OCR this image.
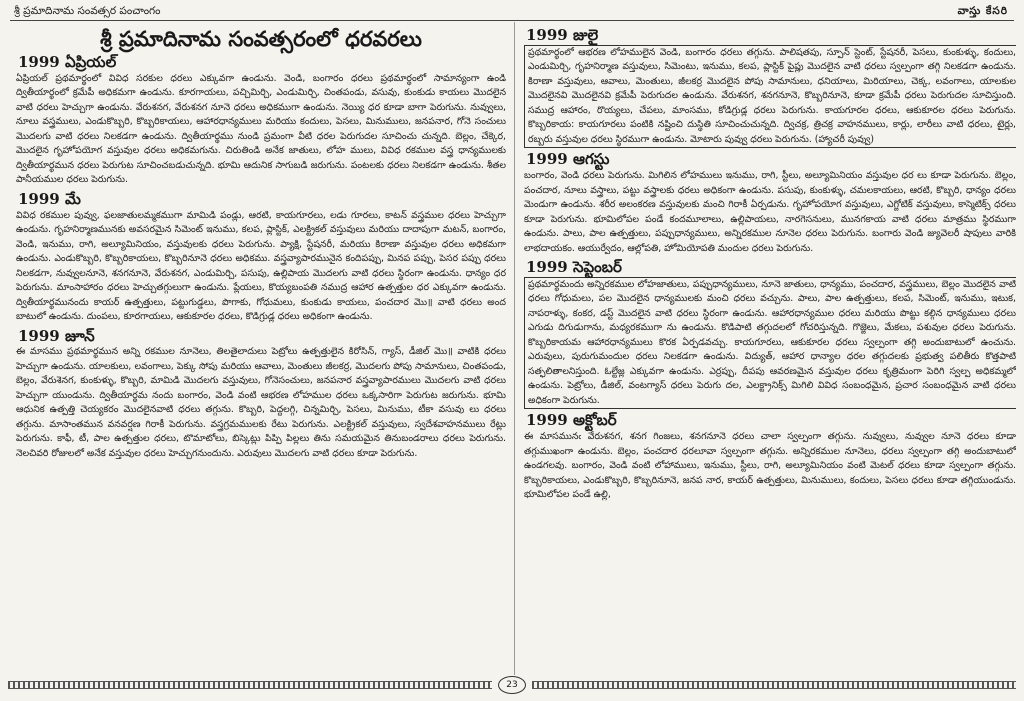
శ్రీ ప్రమాదినామ సంవత్సర పంచాంగం	వాస్తు కేసరి
శ్రీ ప్రమాదినామ సంవత్సరంలో ధరవరలు
1999 ఏప్రియల్

ఏప్రియల్ ప్రథమార్థంలో వివిధ సరకుల ధరలు ఎక్కువగా ఉండును. వెండి, బంగారం ధరలు ప్రథమార్థంలో సామాన్యంగా ఉండి ద్వితీయార్థంలో క్రమేపీ అధికమగా ఉండును. కూరగాయలు, పచ్చిమిర్చి, ఎండుమిర్చి, చింతపండు, వసువు, కుంకుడు కాయలు మొదలైన వాటి ధరలు హెచ్చుగా ఉండును. వేరుశనగ, వేరుశనగ నూనె ధరలు అధికముగా ఉండును. నెయ్యి ధర కూడా బాగా పెరుగును. నువ్వులు, నూలు వస్త్రములు, ఎండుకొబ్బరి, కొబ్బరికాయలు, ఆహారధాన్యములు మరియు కందులు, పెసలు, మినుములు, జనపనార, గోనె సంచులు మొదలగు వాటి ధరలు నిలకడగా ఉండును. ద్వితీయార్థము నుండి ప్రమంగా వీటి ధరల పెరుగుదల సూచించు చున్నది. బెల్లం, చేక్కెర, మొదలైన గృహోపయోగ వస్తువుల ధరలు అధికమగును. చిరుతిండి అనేక జాతులు, లోహ ములు, వివిధ రకముల వస్త్ర ధాన్యములకు ద్వితీయార్థమున ధరలు పెరుగుట సూచించబడుచున్నది. భూమి ఆదునిక సాగుబడి జరుగును. పంటలకు ధరలు నిలకడగా ఉండును. శీతల పానీయముల ధరలు పెరుగును.

1999 మే

వివిధ రకముల పువ్వు, ఫలజాతులమ్మకముగా మామిడి పండ్లు, ఆరటి, కాయగూరలు, లడు గూరలు, కాటన్ వస్త్రముల ధరలు హెచ్చుగా ఉండును. గృహనిర్మాణమునకు అవసరమైన సిమెంట్ ఇనుము, కలప, ప్లాస్టిక్, ఎలక్ట్రికల్ వస్తువులు మరియు దాదాపుగా మటన్, బంగారం, వెండి, ఇనుము, రాగి, అల్యూమినియం, వస్తువులకు ధరలు పెరుగును. ప్యాక్షి, స్టేషనరీ, మరియు కిరాణా వస్తువుల ధరలు అధికమగా ఉండును. ఎండుకొబ్బరి, కొబ్బరికాయలు, కొబ్బరినూనె ధరలు అధికము. వస్త్రవ్యాపారమునైన కందిపప్పు, మినప పప్పు, పెసర పప్పు ధరలు నిలకడగా, నువ్వులనూనె, శనగనూనె, వేరుశనగ, ఎండుమిర్చి, పసుపు, ఉల్లిపాయ మొదలగు వాటి ధరలు స్థిరంగా ఉండును. ధాన్యం ధర పెరుగును. మాంసాహారం ధరలు హెచ్చుతగ్గులుగా ఉండును. ప్లేయలు, కొయ్యబంపతి నముద్ర ఆహార ఉత్పత్తుల ధర ఎక్కువగా ఉండును. ద్వితీయార్థమునందు కాయర్ ఉత్పత్తులు, పట్టుగుడ్డలు, పొగాకు, గోధుమలు, కుంకుడు కాయలు, పంచదార మొ॥ వాటి ధరలు అంద బాటులో ఉండును. దుంపలు, కూరగాయలు, ఆకుకూరల ధరలు, కొడిగ్రుడ్ల ధరలు అధికంగా ఉండును.

1999 జూన్

ఈ మాసము ప్రథమార్థమున అన్ని రకముల నూనెలు, తిలతైలాదులు పెట్రోలు ఉత్పత్తులైన కిరోసిన్, గ్యాస్, డీజిల్ మొ॥ వాటికి ధరలు హెచ్చుగా ఉండును. యాలకులు, లవంగాలు, పెక్కు సోపు మరియు ఆవాలు, మెంతులు జీలకర్ర, మొదలగు పోపు సామానులు, చింతపండు, బెల్లం, వేరుశెనగ, కుంకుళ్ళు, కొబ్బరి, మామిడి మొదలగు వస్తువులు, గోనెసంచులు, జనపనార వస్త్రవ్యాపారములు మొదలగు వాటి ధరలు హెచ్చుగా యుండును. ద్వితీయార్థమ నందు బంగారం, వెండి వంటి ఆభరణ లోహముల ధరలు ఒక్కసారిగా పెరుగుట జరుగును. భూమి ఆధునిక ఉత్పత్తి చెయ్యకరం మొదలైనవాటి ధరలు తగ్గును. కొబ్బరి, పెద్దలగ్గి, చిన్నమిర్చి, పెసలు, మినుము, టీకా వసువు లు ధరలు తగ్గును. మాసాంతమున వనవర్షణ గిరాకీ పెరుగును. వస్త్రగ్రమములకు రేటు పెరుగును. ఎలక్ట్రికల్ వస్తువులు, స్వదేశవాహనములు రేట్లు పెరుగును. కాఫీ, టీ, పాల ఉత్పత్తుల ధరలు, టొమాటోలు, బిస్కెట్లు పిప్పి పిల్లలు తిను సమయమైన తినుబండరాలు ధరలు పెరుగును. నెలచివరి రోజులలో అనేక వస్తువుల ధరలు హెచ్చుగనుందును. ఎరువులు మొదలగు వాటి ధరలు కూడా పెరుగును.

1999 జులై

ప్రథమార్థంలో ఆభరణ లోహములైన వెండి, బంగారం ధరలు తగ్గును. పాలిషతపు, స్పూన్ స్టెంట్, స్టేషనరీ, పెసలు, కుంకుళ్ళు, కందులు, ఎండుమిర్చి, గృహనిర్మాణ వస్తువులు, సిమెంటు, ఇనుము, కలప, ప్లాస్టిక్ పైప్లు మొదలైన వాటి ధరలు స్వల్పంగా తగ్గి నిలకడగా ఉండును. కిరాణా వస్తువులు, ఆవాలు, మెంతులు, జీలకర్ర మొదలైన పోపు సామానులు, ధనియాలు, మిరియాలు, చెక్క, లవంగాలు, యాలకుల మొదలైనవి మొదలైనవి క్రమేపీ పెరుగుదల ఉండును. వేరుశనగ, శనగనూనె, కొబ్బరినూనె, కూడా క్రమేపీ ధరలు పెరుగుదల సూచిస్తుంది. సముద్ర ఆహారం, రొయ్యలు, చేపలు, మాంసము, కోడిగ్రుడ్ల ధరలు పెరుగును. కాయగూరల ధరలు, ఆకుకూరల ధరలు పెరుగును. కొబ్బరికాయ: కాయగూరలు పంటికి నష్టించి దుస్థితి సూచించుచున్నది. ద్విచక్ర, త్రిచక్ర వాహనములు, కార్లు, లారీలు వాటి ధరలు, టైర్లు, రబ్బరు వస్తువుల ధరలు స్థిరముగా ఉండును. మోటారు పువ్వు ధరలు పెరుగును. (హ్యాచరీ పువ్వు)

1999 ఆగస్టు

బంగారం, వెండి ధరలు పెరుగును. మిగిలిన లోహములు ఇనుము, రాగి, స్టీలు, అల్యూమినియం వస్తువుల ధర లు కూడా పెరుగును. బెల్లం, పంచదార, నూలు వస్త్రాలు, పట్టు వస్త్రాలకు ధరలు అధికంగా ఉండును. పసుపు, కుంకుళ్ళు, చమలకాయలు, ఆరటి, కొబ్బరి, ధాన్యం ధరలు మెండుగా ఉండును. శరీర అలంకరణ వస్తువులకు మంచి గిరాకీ ఏర్పడును. గృహోపయోగ వస్తువులు, ఎగ్జోటిక్ వస్తువులు, కాస్మెటిక్స్ ధరలు కూడా పెరుగును. భూమిలోపల పండే కందమూలాలు, ఉల్లిపాయలు, నారగెసనులు, మునగకాయ వాటి ధరలు మాత్రము స్థిరముగా ఉండును. పాలు, పాల ఉత్పత్తులు, పప్పుధాన్యములు, అన్నిరకముల నూనెల ధరలు పెరుగును. బంగారు వెండి జ్యువెలరీ షాపులు వారికి లాభదాయకం. ఆయుర్వేదం, ఆల్లోపతి, హోమియోపతి మందుల ధరలు పెరుగును.

1999 సెప్టెంబర్

ప్రథమార్థమందు అన్నిరకముల లోహజాతులు, పప్పుధాన్యములు, నూనె జాతులు, ధాన్యము, పంచదార, వస్త్రములు, బెల్లం మొదలైన వాటి ధరలు గోధుమలు, పల మొదలైన ధాన్యములకు మంచి ధరలు వచ్చును. పాలు, పాల ఉత్పత్తులు, కలప, సిమెంట్, ఇనుము, ఇటుక, నాపరాళ్ళు, కంకర, డస్ట్ మొదలైన వాటి ధరలు స్థిరంగా ఉండును. ఆహారధాన్యముల ధరలు మరియు పొట్టు కల్గిన ధాన్యములు ధరలు ఎగుడు దిగుడుగాను, మధ్యరకముగా ను ఉండును. కొడిపాటి తగ్గుదలలో గోచరిస్తున్నది. గొజ్జెలు, మేకలు, పశువుల ధరలు పెరుగును. కొబ్బరికాయమ ఆహారధాన్యములు కొరక ఏర్పడవచ్చు. కాయగూరలు, ఆకుకూరల ధరలు స్వల్పంగా తగ్గి అందుబాటులో ఉంచును. ఎరువులు, పురుగుమందుల ధరలు నిలకడగా ఉండును. విద్యుత్, ఆహార ధాన్యాల ధరల తగ్గుదలకు ప్రభుత్వ పలితీరు కొత్తపాటి సత్ఫలితాలనిస్తుంది. ఓల్టేజ్ల ఎక్కువగా ఉండును. ఎర్రప్పు, దీపపు ఆవరణమైన వస్తువుల ధరలు కృత్రిమంగా పెరిగి స్వల్ప అధికమ్మలో ఉండును. పెట్రోలు, డీజిల్, వంటగ్యాస్ ధరలు పెరుగు దల, ఎలక్ట్రానిక్స్ మిగిలి వివిధ సంబంధమైన, ప్రచార సంబంధమైన వాటి ధరలు అధికంగా పెరుగును.

1999 అక్టోబర్

ఈ మాసమునఁ వేరుశనగ, శనగ గింజలు, శనగనూనె ధరలు చాలా స్వల్పంగా తగ్గును. నువ్వులు, నువ్వుల నూనె ధరలు కూడా తగ్గుముఖంగా ఉండును. బెల్లం, పంచదార ధరలూవా స్వల్పంగా తగ్గును. అన్నిరకముల నూనెలు, ధరలు స్వల్పంగా తగ్గి అందుబాటులో ఉండగలవు. బంగారం, వెండి వంటి లోహాములు, ఇనుము, స్టీలు, రాగి, అల్యూమినియం వంటి మెటల్ ధరలు కూడా స్వల్పంగా తగ్గును. కొబ్బరికాయలు, ఎండుకొబ్బరి, కొబ్బరినూనె, జనప నార, కాయర్ ఉత్పత్తులు, మినుములు, కందులు, పెసలు ధరలు కూడా తగ్గియుండును. భూమిలోపల పండే ఉల్లి,

23
